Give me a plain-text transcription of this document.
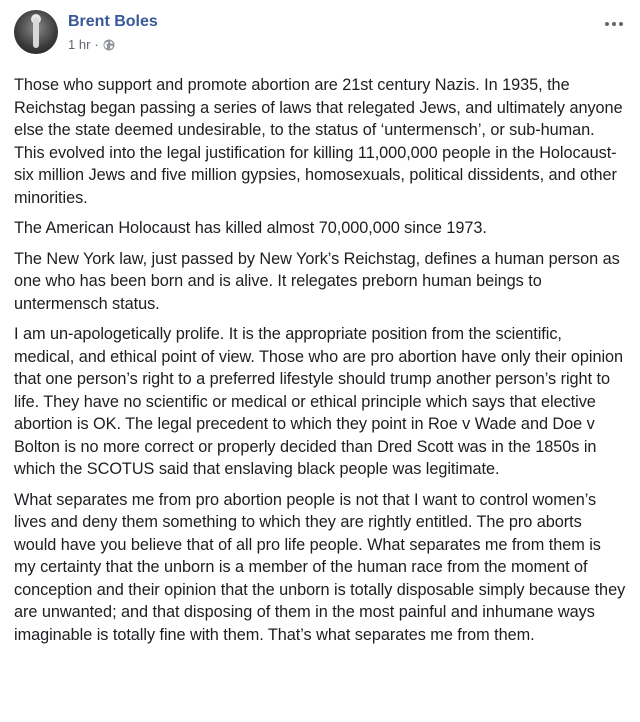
Brent Boles
1 hr ·

Those who support and promote abortion are 21st century Nazis. In 1935, the Reichstag began passing a series of laws that relegated Jews, and ultimately anyone else the state deemed undesirable, to the status of ‘untermensch’, or sub-human. This evolved into the legal justification for killing 11,000,000 people in the Holocaust-six million Jews and five million gypsies, homosexuals, political dissidents, and other minorities.

The American Holocaust has killed almost 70,000,000 since 1973.

The New York law, just passed by New York’s Reichstag, defines a human person as one who has been born and is alive. It relegates preborn human beings to untermensch status.

I am un-apologetically prolife. It is the appropriate position from the scientific, medical, and ethical point of view. Those who are pro abortion have only their opinion that one person’s right to a preferred lifestyle should trump another person’s right to life. They have no scientific or medical or ethical principle which says that elective abortion is OK. The legal precedent to which they point in Roe v Wade and Doe v Bolton is no more correct or properly decided than Dred Scott was in the 1850s in which the SCOTUS said that enslaving black people was legitimate.

What separates me from pro abortion people is not that I want to control women’s lives and deny them something to which they are rightly entitled. The pro aborts would have you believe that of all pro life people. What separates me from them is my certainty that the unborn is a member of the human race from the moment of conception and their opinion that the unborn is totally disposable simply because they are unwanted; and that disposing of them in the most painful and inhumane ways imaginable is totally fine with them. That’s what separates me from them.
